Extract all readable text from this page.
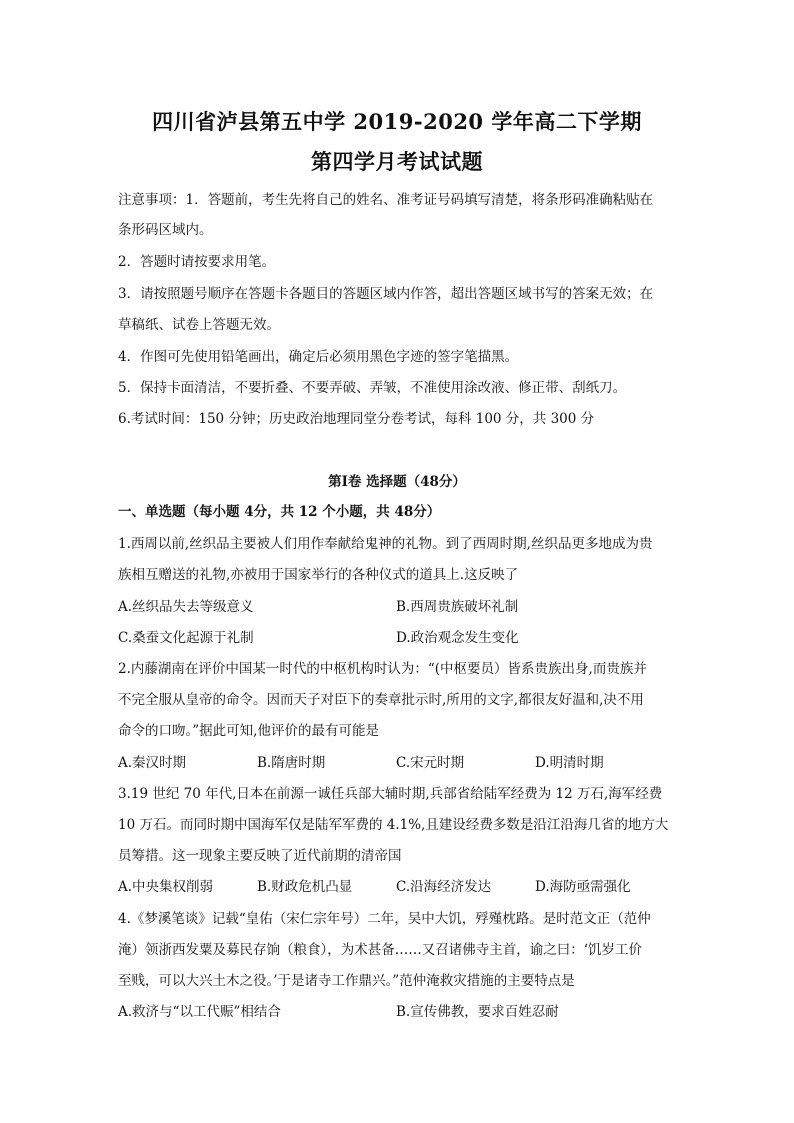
四川省泸县第五中学 2019-2020 学年高二下学期
第四学月考试试题
注意事项：1．答题前，考生先将自己的姓名、准考证号码填写清楚，将条形码准确粘贴在
条形码区域内。
2．答题时请按要求用笔。
3．请按照题号顺序在答题卡各题目的答题区域内作答，超出答题区域书写的答案无效；在
草稿纸、试卷上答题无效。
4．作图可先使用铅笔画出，确定后必须用黑色字迹的签字笔描黑。
5．保持卡面清洁，不要折叠、不要弄破、弄皱，不准使用涂改液、修正带、刮纸刀。
6.考试时间：150 分钟；历史政治地理同堂分卷考试，每科 100 分，共 300 分
第Ⅰ卷 选择题（48分）
一、单选题（每小题 4分，共 12 个小题，共 48分）
1.西周以前,丝织品主要被人们用作奉献给鬼神的礼物。到了西周时期,丝织品更多地成为贵
族相互赠送的礼物,亦被用于国家举行的各种仪式的道具上.这反映了
A.丝织品失去等级意义	B.西周贵族破坏礼制
C.桑蚕文化起源于礼制	D.政治观念发生变化
2.内藤湖南在评价中国某一时代的中枢机构时认为：“(中枢要员）皆系贵族出身,而贵族并
不完全服从皇帝的命令。因而天子对臣下的奏章批示时,所用的文字,都很友好温和,决不用
命令的口吻。”据此可知,他评价的最有可能是
A.秦汉时期	B.隋唐时期	C.宋元时期	D.明清时期
3.19 世纪 70 年代,日本在前源一诚任兵部大辅时期,兵部省给陆军经费为 12 万石,海军经费
10 万石。而同时期中国海军仅是陆军军费的 4.1%,且建设经费多数是沿江沿海几省的地方大
员筹措。这一现象主要反映了近代前期的清帝国
A.中央集权削弱	B.财政危机凸显	C.沿海经济发达	D.海防亟需强化
4.《梦溪笔谈》记载“皇佑（宋仁宗年号）二年，吴中大饥，殍殣枕路。是时范文正（范仲
淹）领浙西发粟及募民存饷（粮食），为术甚备……又召诸佛寺主首，谕之曰：‘饥岁工价
至贱，可以大兴土木之役。’于是诸寺工作鼎兴。”范仲淹救灾措施的主要特点是
A.救济与“以工代赈”相结合	B.宣传佛教，要求百姓忍耐
